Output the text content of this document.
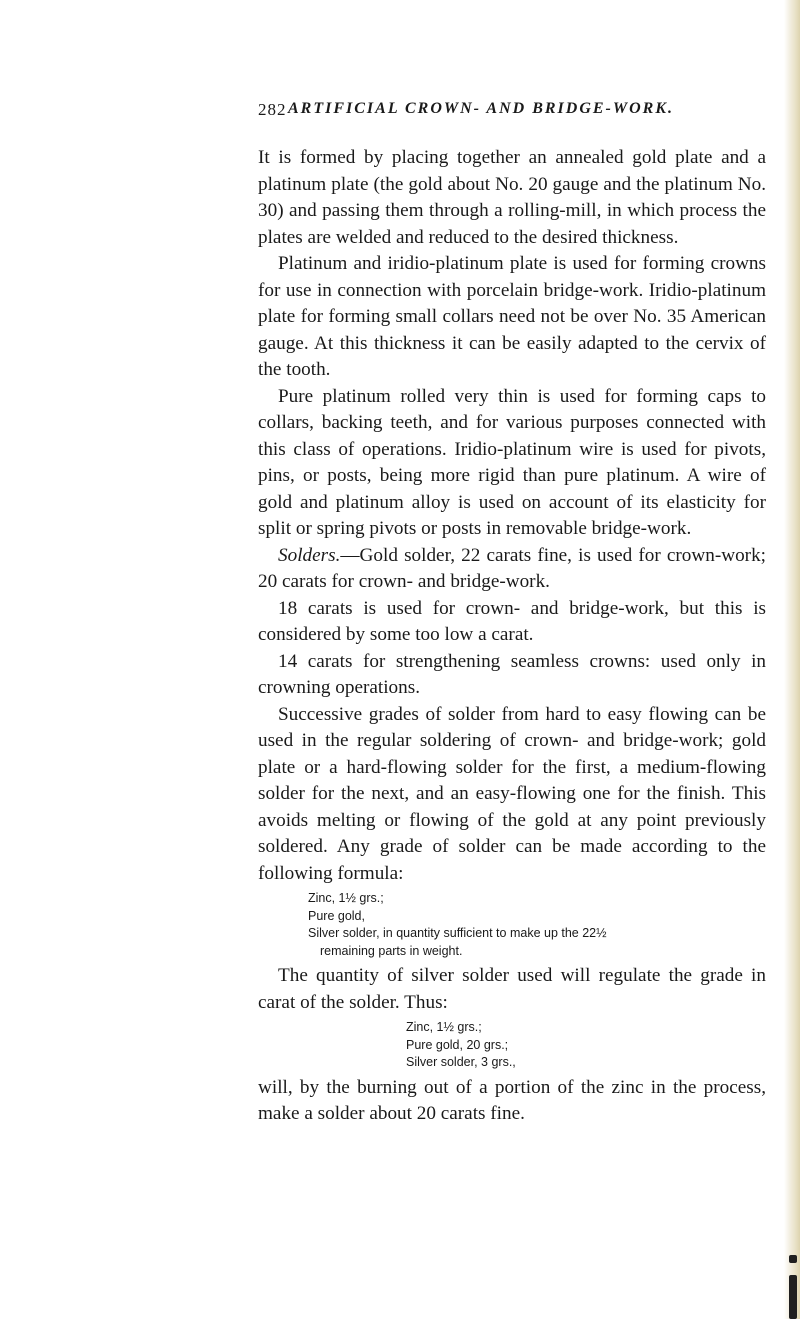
282 ARTIFICIAL CROWN- AND BRIDGE-WORK.

It is formed by placing together an annealed gold plate and a platinum plate (the gold about No. 20 gauge and the platinum No. 30) and passing them through a rolling-mill, in which process the plates are welded and reduced to the desired thickness.

Platinum and iridio-platinum plate is used for forming crowns for use in connection with porcelain bridge-work. Iridio-platinum plate for forming small collars need not be over No. 35 American gauge. At this thickness it can be easily adapted to the cervix of the tooth.

Pure platinum rolled very thin is used for forming caps to collars, backing teeth, and for various purposes connected with this class of operations. Iridio-platinum wire is used for pivots, pins, or posts, being more rigid than pure platinum. A wire of gold and platinum alloy is used on account of its elasticity for split or spring pivots or posts in removable bridge-work.

Solders.—Gold solder, 22 carats fine, is used for crown-work; 20 carats for crown- and bridge-work.

18 carats is used for crown- and bridge-work, but this is considered by some too low a carat.

14 carats for strengthening seamless crowns: used only in crowning operations.

Successive grades of solder from hard to easy flowing can be used in the regular soldering of crown- and bridge-work; gold plate or a hard-flowing solder for the first, a medium-flowing solder for the next, and an easy-flowing one for the finish. This avoids melting or flowing of the gold at any point previously soldered. Any grade of solder can be made according to the following formula:

Zinc, 1½ grs.;
Pure gold,
Silver solder, in quantity sufficient to make up the 22½
remaining parts in weight.

The quantity of silver solder used will regulate the grade in carat of the solder. Thus:

Zinc, 1½ grs.;
Pure gold, 20 grs.;
Silver solder, 3 grs.,

will, by the burning out of a portion of the zinc in the process, make a solder about 20 carats fine.
